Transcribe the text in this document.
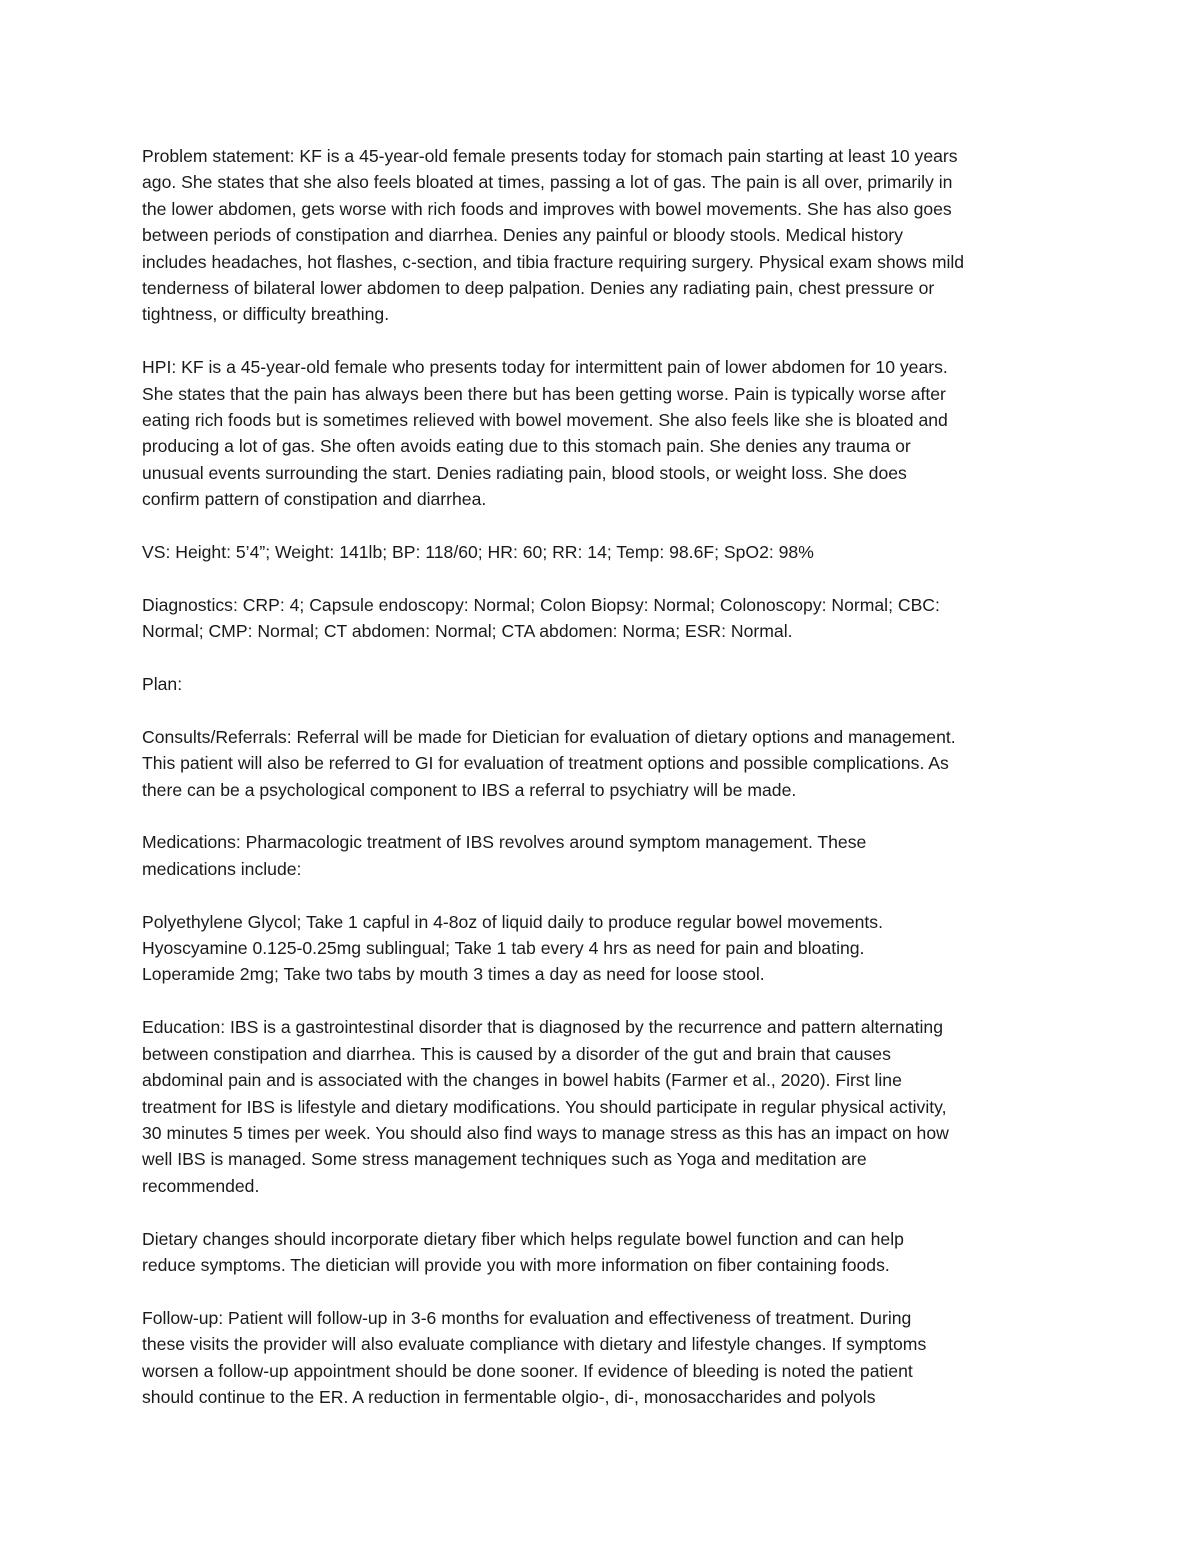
Problem statement: KF is a 45-year-old female presents today for stomach pain starting at least 10 years
ago. She states that she also feels bloated at times, passing a lot of gas. The pain is all over, primarily in
the lower abdomen, gets worse with rich foods and improves with bowel movements. She has also goes
between periods of constipation and diarrhea. Denies any painful or bloody stools. Medical history
includes headaches, hot flashes, c-section, and tibia fracture requiring surgery. Physical exam shows mild
tenderness of bilateral lower abdomen to deep palpation. Denies any radiating pain, chest pressure or
tightness, or difficulty breathing.

HPI: KF is a 45-year-old female who presents today for intermittent pain of lower abdomen for 10 years.
She states that the pain has always been there but has been getting worse. Pain is typically worse after
eating rich foods but is sometimes relieved with bowel movement. She also feels like she is bloated and
producing a lot of gas. She often avoids eating due to this stomach pain. She denies any trauma or
unusual events surrounding the start. Denies radiating pain, blood stools, or weight loss. She does
confirm pattern of constipation and diarrhea.

VS: Height: 5’4”; Weight: 141lb; BP: 118/60; HR: 60; RR: 14; Temp: 98.6F; SpO2: 98%

Diagnostics: CRP: 4; Capsule endoscopy: Normal; Colon Biopsy: Normal; Colonoscopy: Normal; CBC:
Normal; CMP: Normal; CT abdomen: Normal; CTA abdomen: Norma; ESR: Normal.

Plan:

Consults/Referrals: Referral will be made for Dietician for evaluation of dietary options and management.
This patient will also be referred to GI for evaluation of treatment options and possible complications. As
there can be a psychological component to IBS a referral to psychiatry will be made.

Medications: Pharmacologic treatment of IBS revolves around symptom management. These
medications include:

Polyethylene Glycol; Take 1 capful in 4-8oz of liquid daily to produce regular bowel movements.
Hyoscyamine 0.125-0.25mg sublingual; Take 1 tab every 4 hrs as need for pain and bloating.
Loperamide 2mg; Take two tabs by mouth 3 times a day as need for loose stool.

Education: IBS is a gastrointestinal disorder that is diagnosed by the recurrence and pattern alternating
between constipation and diarrhea. This is caused by a disorder of the gut and brain that causes
abdominal pain and is associated with the changes in bowel habits (Farmer et al., 2020). First line
treatment for IBS is lifestyle and dietary modifications. You should participate in regular physical activity,
30 minutes 5 times per week. You should also find ways to manage stress as this has an impact on how
well IBS is managed. Some stress management techniques such as Yoga and meditation are
recommended.

Dietary changes should incorporate dietary fiber which helps regulate bowel function and can help
reduce symptoms. The dietician will provide you with more information on fiber containing foods.

Follow-up: Patient will follow-up in 3-6 months for evaluation and effectiveness of treatment. During
these visits the provider will also evaluate compliance with dietary and lifestyle changes. If symptoms
worsen a follow-up appointment should be done sooner. If evidence of bleeding is noted the patient
should continue to the ER. A reduction in fermentable olgio-, di-, monosaccharides and polyols
